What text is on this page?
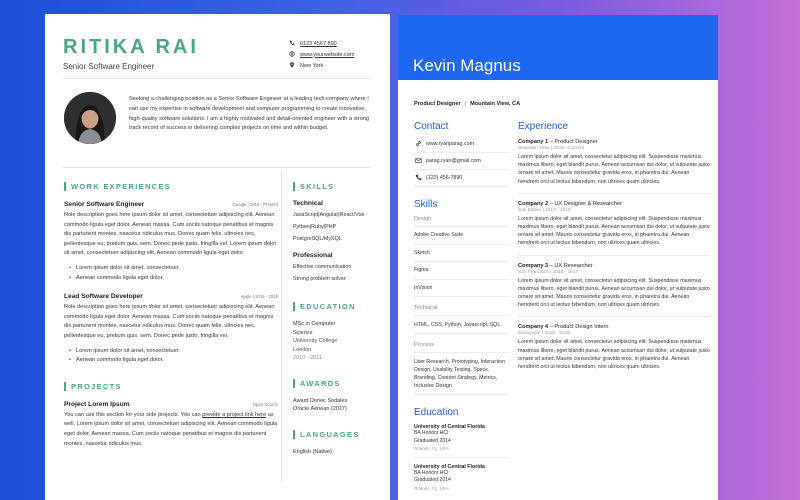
RITIKA RAI
Senior Software Engineer
0123 4567 890
www.yourwebsite.com
New York
Seeking a challenging position as a Senior Software Engineer at a leading tech company where I can use my expertise in software development and computer programming to create innovative, high-quality software solutions. I am a highly motivated and detail-oriented engineer with a strong track record of success in delivering complex projects on time and within budget.
WORK EXPERIENCES
Senior Software Engineer	Google | 2019 - Present
Role description goes here ipsum dolor sit amet, consectetuer adipiscing elit. Aenean commodo ligula eget dolor. Aenean massa. Cum sociis natoque penatibus et magnis dis parturient montes, nascetur ridiculus mus. Donec quam felis, ultricies nec, pellentesque eu, pretium quis, sem. Donec pede justo, fringilla vel. Lorem ipsum dolor sit amet, consectetuer adipiscing elit. Aenean commodo ligula eget dolor.
• Lorem ipsum dolor sit amet, consectetuer.
• Aenean commodo ligula eget dolor.
Lead Software Developer	Apple | 2016 - 2019
Role description goes here ipsum dolor sit amet, consectetuer adipiscing elit. Aenean commodo ligula eget dolor. Aenean massa. Cum sociis natoque penatibus et magnis dis parturient montes, nascetur ridiculus mus. Donec quam felis, ultricies nec, pellentesque eu, pretium quis, sem. Donec pede justo, fringilla vel.
• Lorem ipsum dolor sit amet, consectetuer.
• Aenean commodo ligula eget dolor.
PROJECTS
Project Lorem Ipsum	Open Source
You can use this section for your side projects. You can provide a project link here as well. Lorem ipsum dolor sit amet, consectetuer adipiscing elit. Aenean commodo ligula eget dolor. Aenean massa. Cum sociis natoque penatibus et magnis dis parturient montes, nascetur ridiculus mus.
SKILLS
Technical
JavaScript|Angular|React/Vue
Python|Ruby|PHP
PostgreSQL/MySQL
Professional
Effective communication
Strong problem solver
EDUCATION
MSc in Computer Science
University College London
2010 - 2011
AWARDS
Award Donec Sodales
Oracle Aenean (2017)
LANGUAGES
English (Native)
Kevin Magnus
Product Designer | Mountain View, CA
Contact
www.ryanparag.com
parag.ryan@gmail.com
(123) 456-7890
Skills
Design
Adobe Creative Suite
Sketch
Figma
InVision
Technical
HTML, CSS, Python, Javascript, SQL
Process
User Research, Prototyping, Interaction Design, Usability Testing, Specs, Branding, Content Strategy, Metrics, Inclusive Design
Education
University of Central Florida
BA Honors HCI
Graduated 2014
Orlando, FL, USA
University of Central Florida
BA Honors HCI
Graduated 2014
Orlando, FL, USA
Experience
Company 1 – Product Designer
Mountain View | 2018 - Current
Lorem ipsum dolor sit amet, consectetur adipiscing elit. Suspendisse maximus maximus libero, eget blandit purus. Aenean accumsan dui dolor, ut vulputate justo ornare sit amet. Mauris consectetur gravida eros, in pharetra dui. Aenean hendrerit orci ut lectus bibendum, non ultrices quam ultricies.
Company 2 – UX Designer & Researcher
San Mateo | 2017 - 2018
Lorem ipsum dolor sit amet, consectetur adipiscing elit. Suspendisse maximus maximus libero, eget blandit purus. Aenean accumsan dui dolor, ut vulputate justo ornare sit amet. Mauris consectetur gravida eros, in pharetra dui. Aenean hendrerit orci ut lectus bibendum, non ultrices quam ultricies.
Company 3 – UX Researcher
San Francisco | 2016 - 2017
Lorem ipsum dolor sit amet, consectetur adipiscing elit. Suspendisse maximus maximus libero, eget blandit purus. Aenean accumsan dui dolor, ut vulputate justo ornare sit amet. Mauris consectetur gravida eros, in pharetra dui. Aenean hendrerit orci ut lectus bibendum, non ultrices quam ultricies.
Company 4 – Product Design Intern
Sunnyvale | 2015 - 2016
Lorem ipsum dolor sit amet, consectetur adipiscing elit. Suspendisse maximus maximus libero, eget blandit purus. Aenean accumsan dui dolor, ut vulputate justo ornare sit amet. Mauris consectetur gravida eros, in pharetra dui. Aenean hendrerit orci ut lectus bibendum, non ultrices quam ultricies.
